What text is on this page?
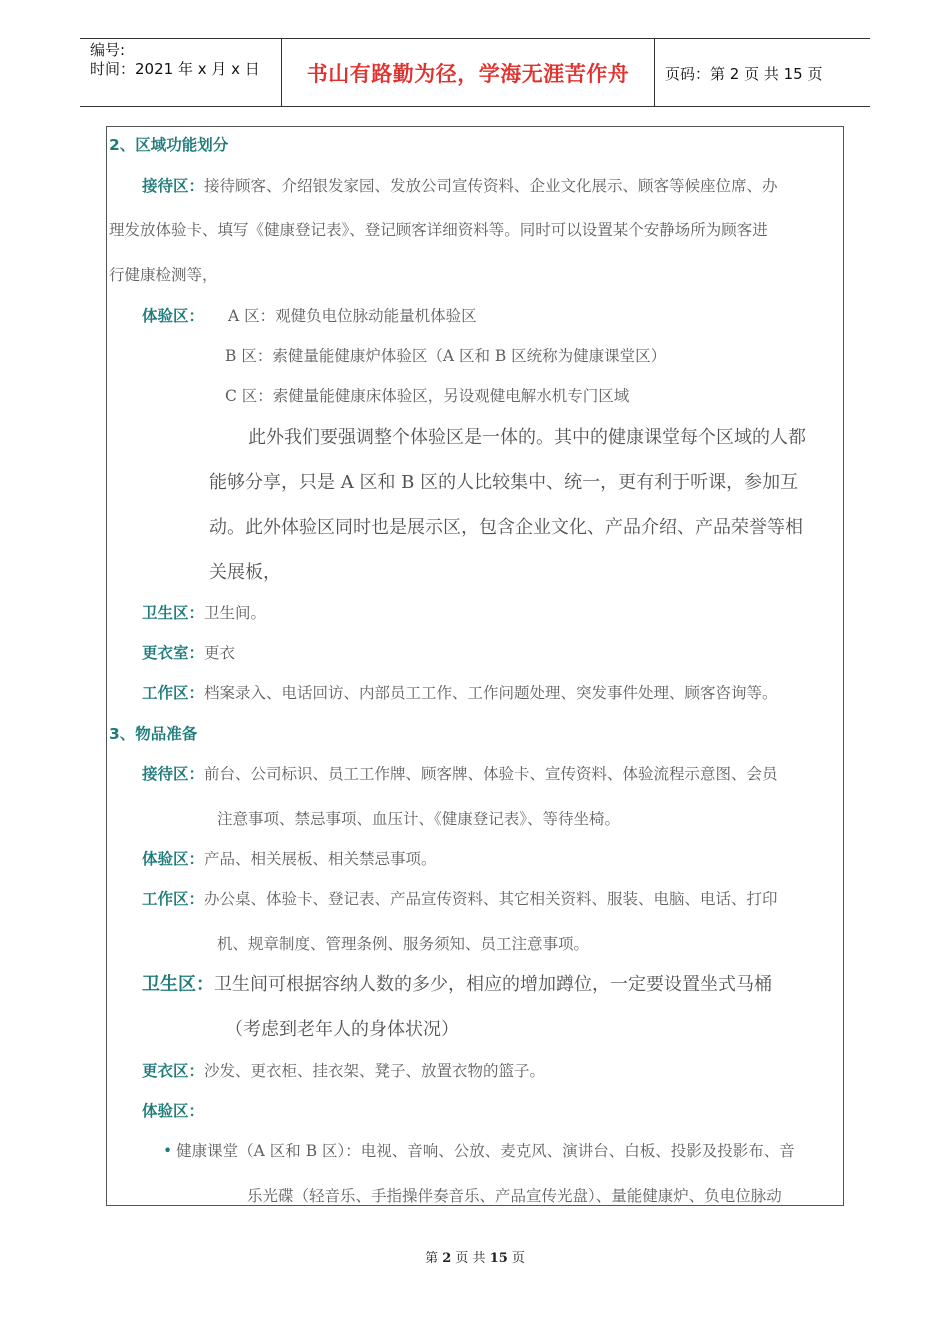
编号:
时间：2021 年 x 月 x 日	书山有路勤为径，学海无涯苦作舟	页码：第 2 页 共 15 页
2、区域功能划分
接待区：接待顾客、介绍银发家园、发放公司宣传资料、企业文化展示、顾客等候座位席、办
理发放体验卡、填写《健康登记表》、登记顾客详细资料等。同时可以设置某个安静场所为顾客进
行健康检测等，
体验区： A 区：观健负电位脉动能量机体验区
B 区：索健量能健康炉体验区（A 区和 B 区统称为健康课堂区）
C 区：索健量能健康床体验区，另设观健电解水机专门区域
此外我们要强调整个体验区是一体的。其中的健康课堂每个区域的人都
能够分享，只是 A 区和 B 区的人比较集中、统一，更有利于听课，参加互
动。此外体验区同时也是展示区，包含企业文化、产品介绍、产品荣誉等相
关展板，
卫生区：卫生间。
更衣室：更衣
工作区：档案录入、电话回访、内部员工工作、工作问题处理、突发事件处理、顾客咨询等。
3、物品准备
接待区：前台、公司标识、员工工作牌、顾客牌、体验卡、宣传资料、体验流程示意图、会员
注意事项、禁忌事项、血压计、《健康登记表》、等待坐椅。
体验区：产品、相关展板、相关禁忌事项。
工作区：办公桌、体验卡、登记表、产品宣传资料、其它相关资料、服装、电脑、电话、打印
机、规章制度、管理条例、服务须知、员工注意事项。
卫生区：卫生间可根据容纳人数的多少，相应的增加蹲位，一定要设置坐式马桶
（考虑到老年人的身体状况）
更衣区：沙发、更衣柜、挂衣架、凳子、放置衣物的篮子。
体验区：
• 健康课堂（A 区和 B 区）：电视、音响、公放、麦克风、演讲台、白板、投影及投影布、音
乐光碟（轻音乐、手指操伴奏音乐、产品宣传光盘）、量能健康炉、负电位脉动
第 2 页 共 15 页
